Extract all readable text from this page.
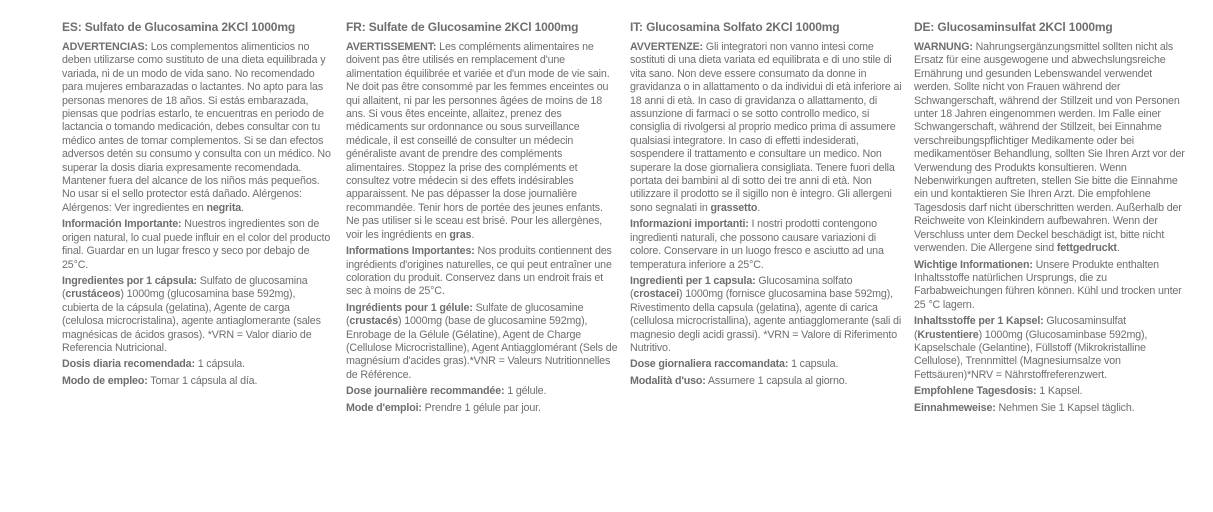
ES: Sulfato de Glucosamina 2KCl 1000mg
ADVERTENCIAS: Los complementos alimenticios no deben utilizarse como sustituto de una dieta equilibrada y variada, ni de un modo de vida sano. No recomendado para mujeres embarazadas o lactantes. No apto para las personas menores de 18 años. Si estás embarazada, piensas que podrías estarlo, te encuentras en periodo de lactancia o tomando medicación, debes consultar con tu médico antes de tomar complementos. Si se dan efectos adversos detén su consumo y consulta con un médico. No superar la dosis diaria expresamente recomendada. Mantener fuera del alcance de los niños más pequeños. No usar si el sello protector está dañado. Alérgenos: Alérgenos: Ver ingredientes en negrita.
Información Importante: Nuestros ingredientes son de origen natural, lo cual puede influir en el color del producto final. Guardar en un lugar fresco y seco por debajo de 25°C.
Ingredientes por 1 cápsula: Sulfato de glucosamina (crustáceos) 1000mg (glucosamina base 592mg), cubierta de la cápsula (gelatina), Agente de carga (celulosa microcristalina), agente antiaglomerante (sales magnésicas de ácidos grasos). *VRN = Valor diario de Referencia Nutricional.
Dosis diaria recomendada: 1 cápsula.
Modo de empleo: Tomar 1 cápsula al día.
FR: Sulfate de Glucosamine 2KCl 1000mg
AVERTISSEMENT: Les compléments alimentaires ne doivent pas être utilisés en remplacement d'une alimentation équilibrée et variée et d'un mode de vie sain. Ne doit pas être consommé par les femmes enceintes ou qui allaitent, ni par les personnes âgées de moins de 18 ans. Si vous êtes enceinte, allaitez, prenez des médicaments sur ordonnance ou sous surveillance médicale, il est conseillé de consulter un médecin généraliste avant de prendre des compléments alimentaires. Stoppez la prise des compléments et consultez votre médecin si des effets indésirables apparaissent. Ne pas dépasser la dose journalière recommandée. Tenir hors de portée des jeunes enfants. Ne pas utiliser si le sceau est brisé. Pour les allergènes, voir les ingrédients en gras.
Informations Importantes: Nos produits contiennent des ingrédients d'origines naturelles, ce qui peut entraîner une coloration du produit. Conservez dans un endroit frais et sec à moins de 25°C.
Ingrédients pour 1 gélule: Sulfate de glucosamine (crustacés) 1000mg (base de glucosamine 592mg), Enrobage de la Gélule (Gélatine), Agent de Charge (Cellulose Microcristalline), Agent Antiagglomérant (Sels de magnésium d'acides gras).*VNR = Valeurs Nutritionnelles de Référence.
Dose journalière recommandée: 1 gélule.
Mode d'emploi: Prendre 1 gélule par jour.
IT: Glucosamina Solfato 2KCl 1000mg
AVVERTENZE: Gli integratori non vanno intesi come sostituti di una dieta variata ed equilibrata e di uno stile di vita sano. Non deve essere consumato da donne in gravidanza o in allattamento o da individui di età inferiore ai 18 anni di età. In caso di gravidanza o allattamento, di assunzione di farmaci o se sotto controllo medico, si consiglia di rivolgersi al proprio medico prima di assumere qualsiasi integratore. In caso di effetti indesiderati, sospendere il trattamento e consultare un medico. Non superare la dose giornaliera consigliata. Tenere fuori della portata dei bambini al di sotto dei tre anni di età. Non utilizzare il prodotto se il sigillo non è integro. Gli allergeni sono segnalati in grassetto.
Informazioni importanti: I nostri prodotti contengono ingredienti naturali, che possono causare variazioni di colore. Conservare in un luogo fresco e asciutto ad una temperatura inferiore a 25°C.
Ingredienti per 1 capsula: Glucosamina solfato (crostacei) 1000mg (fornisce glucosamina base 592mg), Rivestimento della capsula (gelatina), agente di carica (cellulosa microcristallina), agente antiagglomerante (sali di magnesio degli acidi grassi). *VRN = Valore di Riferimento Nutritivo.
Dose giornaliera raccomandata: 1 capsula.
Modalità d'uso: Assumere 1 capsula al giorno.
DE: Glucosaminsulfat 2KCl 1000mg
WARNUNG: Nahrungsergänzungsmittel sollten nicht als Ersatz für eine ausgewogene und abwechslungsreiche Ernährung und gesunden Lebenswandel verwendet werden. Sollte nicht von Frauen während der Schwangerschaft, während der Stillzeit und von Personen unter 18 Jahren eingenommen werden. Im Falle einer Schwangerschaft, während der Stillzeit, bei Einnahme verschreibungspflichtiger Medikamente oder bei medikamentöser Behandlung, sollten Sie Ihren Arzt vor der Verwendung des Produkts konsultieren. Wenn Nebenwirkungen auftreten, stellen Sie bitte die Einnahme ein und kontaktieren Sie Ihren Arzt. Die empfohlene Tagesdosis darf nicht überschritten werden. Außerhalb der Reichweite von Kleinkindern aufbewahren. Wenn der Verschluss unter dem Deckel beschädigt ist, bitte nicht verwenden. Die Allergene sind fettgedruckt.
Wichtige Informationen: Unsere Produkte enthalten Inhaltsstoffe natürlichen Ursprungs, die zu Farbabweichungen führen können. Kühl und trocken unter 25 °C lagern.
Inhaltsstoffe per 1 Kapsel: Glucosaminsulfat (Krustentiere) 1000mg (Glucosaminbase 592mg), Kapselschale (Gelantine), Füllstoff (Mikrokristalline Cellulose), Trennmittel (Magnesiumsalze von Fettsäuren)*NRV = Nährstoffreferenzwert.
Empfohlene Tagesdosis: 1 Kapsel.
Einnahmeweise: Nehmen Sie 1 Kapsel täglich.
